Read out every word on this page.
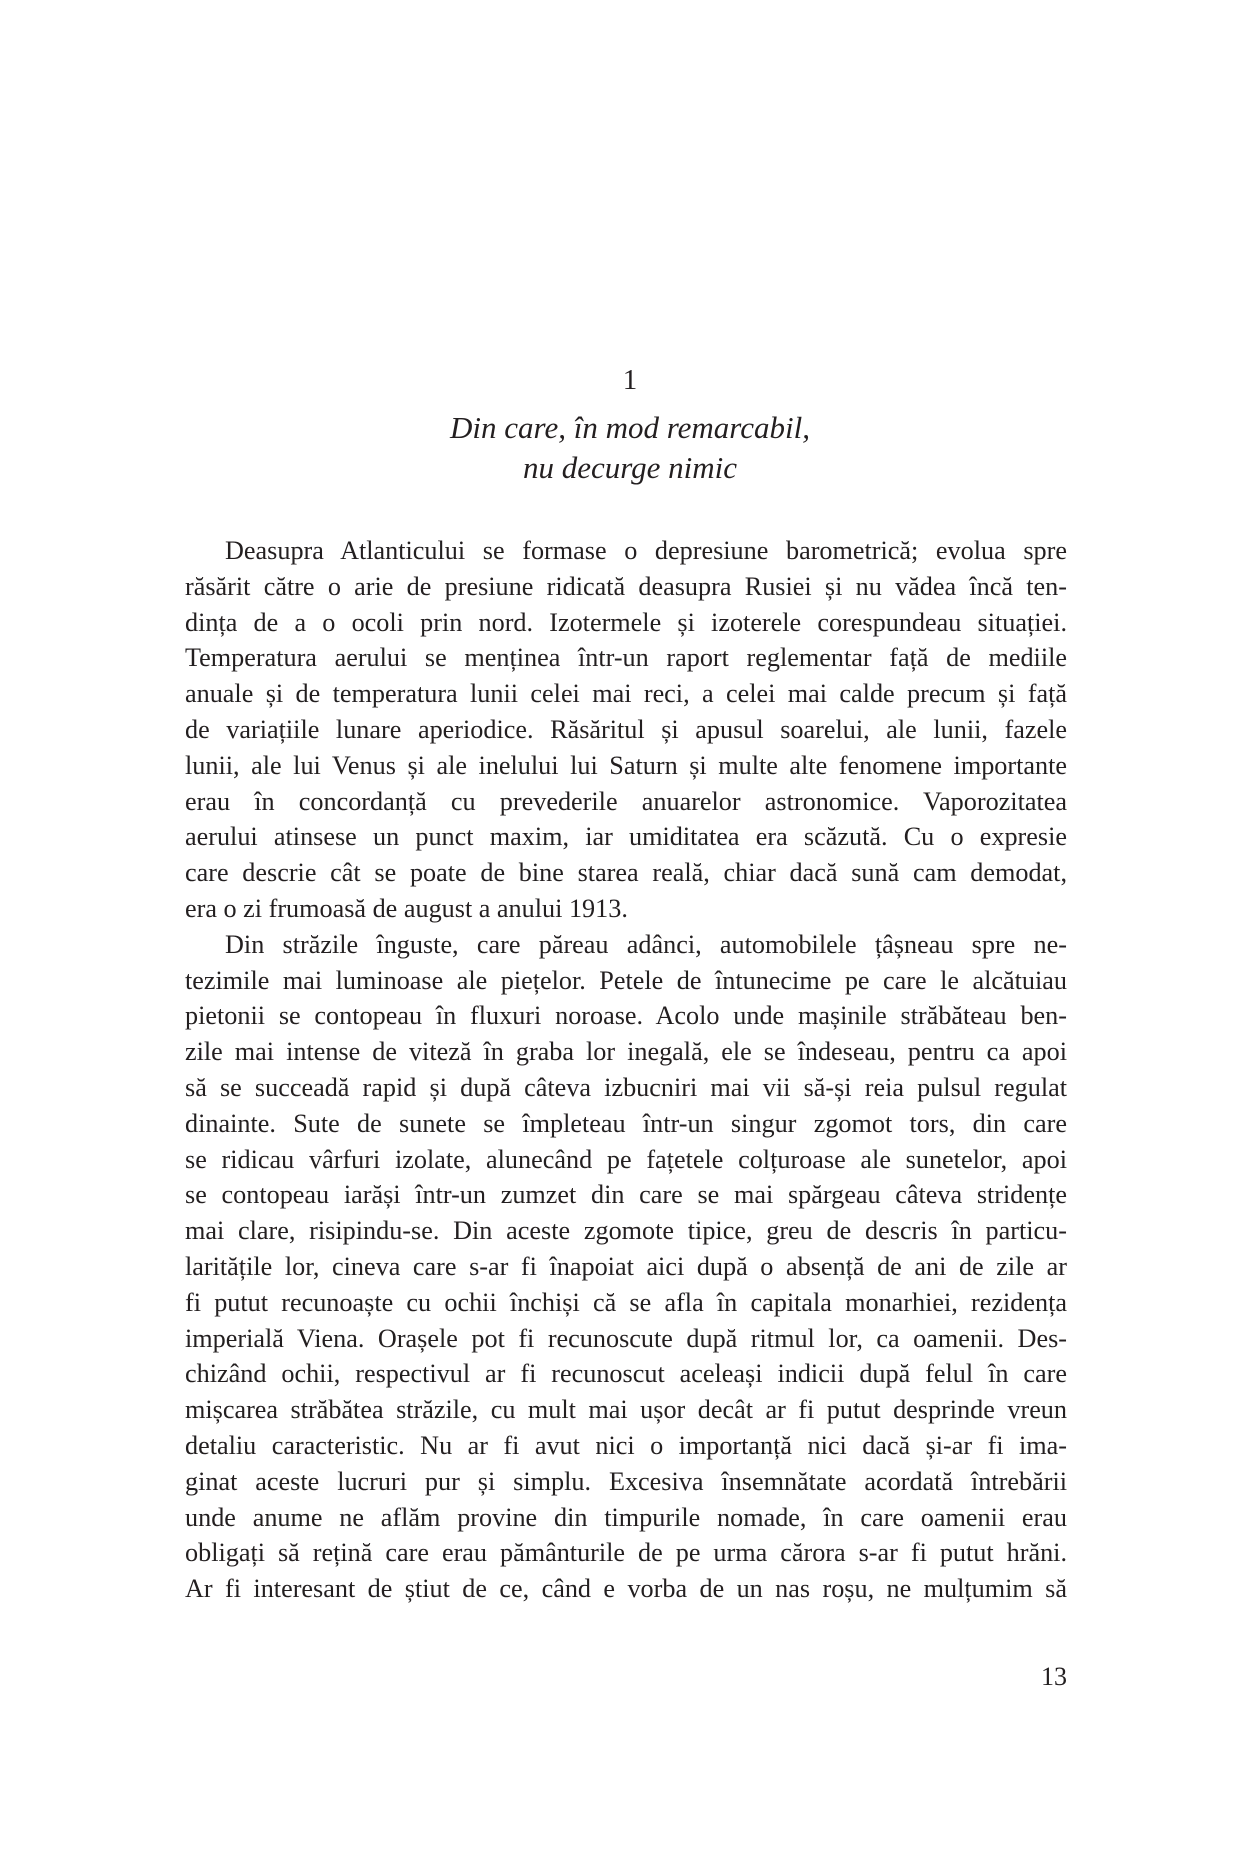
1
Din care, în mod remarcabil,
nu decurge nimic
Deasupra Atlanticului se formase o depresiune barometrică; evolua spre
răsărit către o arie de presiune ridicată deasupra Rusiei și nu vădea încă ten-
dința de a o ocoli prin nord. Izotermele și izoterele corespundeau situației.
Temperatura aerului se menținea într-un raport reglementar față de mediile
anuale și de temperatura lunii celei mai reci, a celei mai calde precum și față
de variațiile lunare aperiodice. Răsăritul și apusul soarelui, ale lunii, fazele
lunii, ale lui Venus și ale inelului lui Saturn și multe alte fenomene importante
erau în concordanță cu prevederile anuarelor astronomice. Vaporozitatea
aerului atinsese un punct maxim, iar umiditatea era scăzută. Cu o expresie
care descrie cât se poate de bine starea reală, chiar dacă sună cam demodat,
era o zi frumoasă de august a anului 1913.
Din străzile înguste, care păreau adânci, automobilele țâșneau spre ne-
tezimile mai luminoase ale piețelor. Petele de întunecime pe care le alcătuiau
pietonii se contopeau în fluxuri noroase. Acolo unde mașinile străbăteau ben-
zile mai intense de viteză în graba lor inegală, ele se îndeseau, pentru ca apoi
să se succeadă rapid și după câteva izbucniri mai vii să-și reia pulsul regulat
dinainte. Sute de sunete se împleteau într-un singur zgomot tors, din care
se ridicau vârfuri izolate, alunecând pe fațetele colțuroase ale sunetelor, apoi
se contopeau iarăși într-un zumzet din care se mai spărgeau câteva stridențe
mai clare, risipindu-se. Din aceste zgomote tipice, greu de descris în particu-
laritățile lor, cineva care s-ar fi înapoiat aici după o absență de ani de zile ar
fi putut recunoaște cu ochii închiși că se afla în capitala monarhiei, rezidența
imperială Viena. Orașele pot fi recunoscute după ritmul lor, ca oamenii. Des-
chizând ochii, respectivul ar fi recunoscut aceleași indicii după felul în care
mișcarea străbătea străzile, cu mult mai ușor decât ar fi putut desprinde vreun
detaliu caracteristic. Nu ar fi avut nici o importanță nici dacă și-ar fi ima-
ginat aceste lucruri pur și simplu. Excesiva însemnătate acordată întrebării
unde anume ne aflăm provine din timpurile nomade, în care oamenii erau
obligați să rețină care erau pământurile de pe urma cărora s-ar fi putut hrăni.
Ar fi interesant de știut de ce, când e vorba de un nas roșu, ne mulțumim să
13
